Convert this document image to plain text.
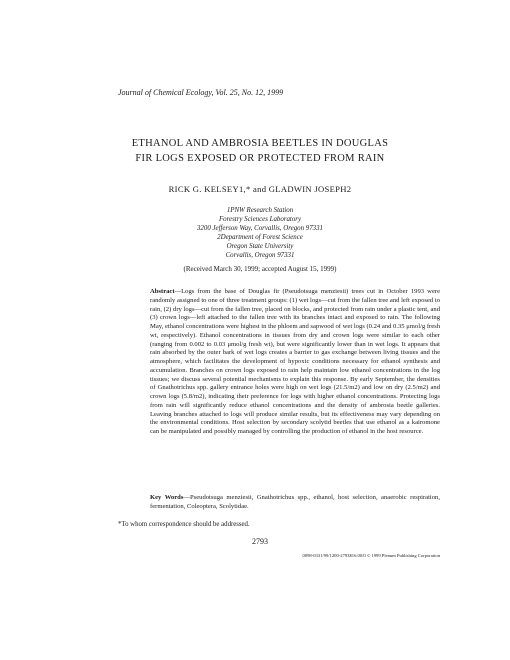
Journal of Chemical Ecology, Vol. 25, No. 12, 1999
ETHANOL AND AMBROSIA BEETLES IN DOUGLAS
FIR LOGS EXPOSED OR PROTECTED FROM RAIN
RICK G. KELSEY1,* and GLADWIN JOSEPH2
1PNW Research Station
Forestry Sciences Laboratory
3200 Jefferson Way, Corvallis, Oregon 97331
2Department of Forest Science
Oregon State University
Corvallis, Oregon 97331
(Received March 30, 1999; accepted August 15, 1999)
Abstract—Logs from the base of Douglas fir (Pseudotsuga menziesii) trees cut in October 1993 were randomly assigned to one of three treatment groups: (1) wet logs—cut from the fallen tree and left exposed to rain, (2) dry logs—cut from the fallen tree, placed on blocks, and protected from rain under a plastic tent, and (3) crown logs—left attached to the fallen tree with its branches intact and exposed to rain. The following May, ethanol concentrations were highest in the phloem and sapwood of wet logs (0.24 and 0.35 μmol/g fresh wt, respectively). Ethanol concentrations in tissues from dry and crown logs were similar to each other (ranging from 0.002 to 0.03 μmol/g fresh wt), but were significantly lower than in wet logs. It appears that rain absorbed by the outer bark of wet logs creates a barrier to gas exchange between living tissues and the atmosphere, which facilitates the development of hypoxic conditions necessary for ethanol synthesis and accumulation. Branches on crown logs exposed to rain help maintain low ethanol concentrations in the log tissues; we discuss several potential mechanisms to explain this response. By early September, the densities of Gnathotrichus spp. gallery entrance holes were high on wet logs (21.5/m2) and low on dry (2.5/m2) and crown logs (5.8/m2), indicating their preference for logs with higher ethanol concentrations. Protecting logs from rain will significantly reduce ethanol concentrations and the density of ambrosia beetle galleries. Leaving branches attached to logs will produce similar results, but its effectiveness may vary depending on the environmental conditions. Host selection by secondary scolytid beetles that use ethanol as a kairomone can be manipulated and possibly managed by controlling the production of ethanol in the host resource.
Key Words—Pseudotsuga menziesii, Gnathotrichus spp., ethanol, host selection, anaerobic respiration, fermentation, Coleoptera, Scolytidae.
*To whom correspondence should be addressed.
2793
0098-0331/99/1200-2793$16.00/0 © 1999 Plenum Publishing Corporation
